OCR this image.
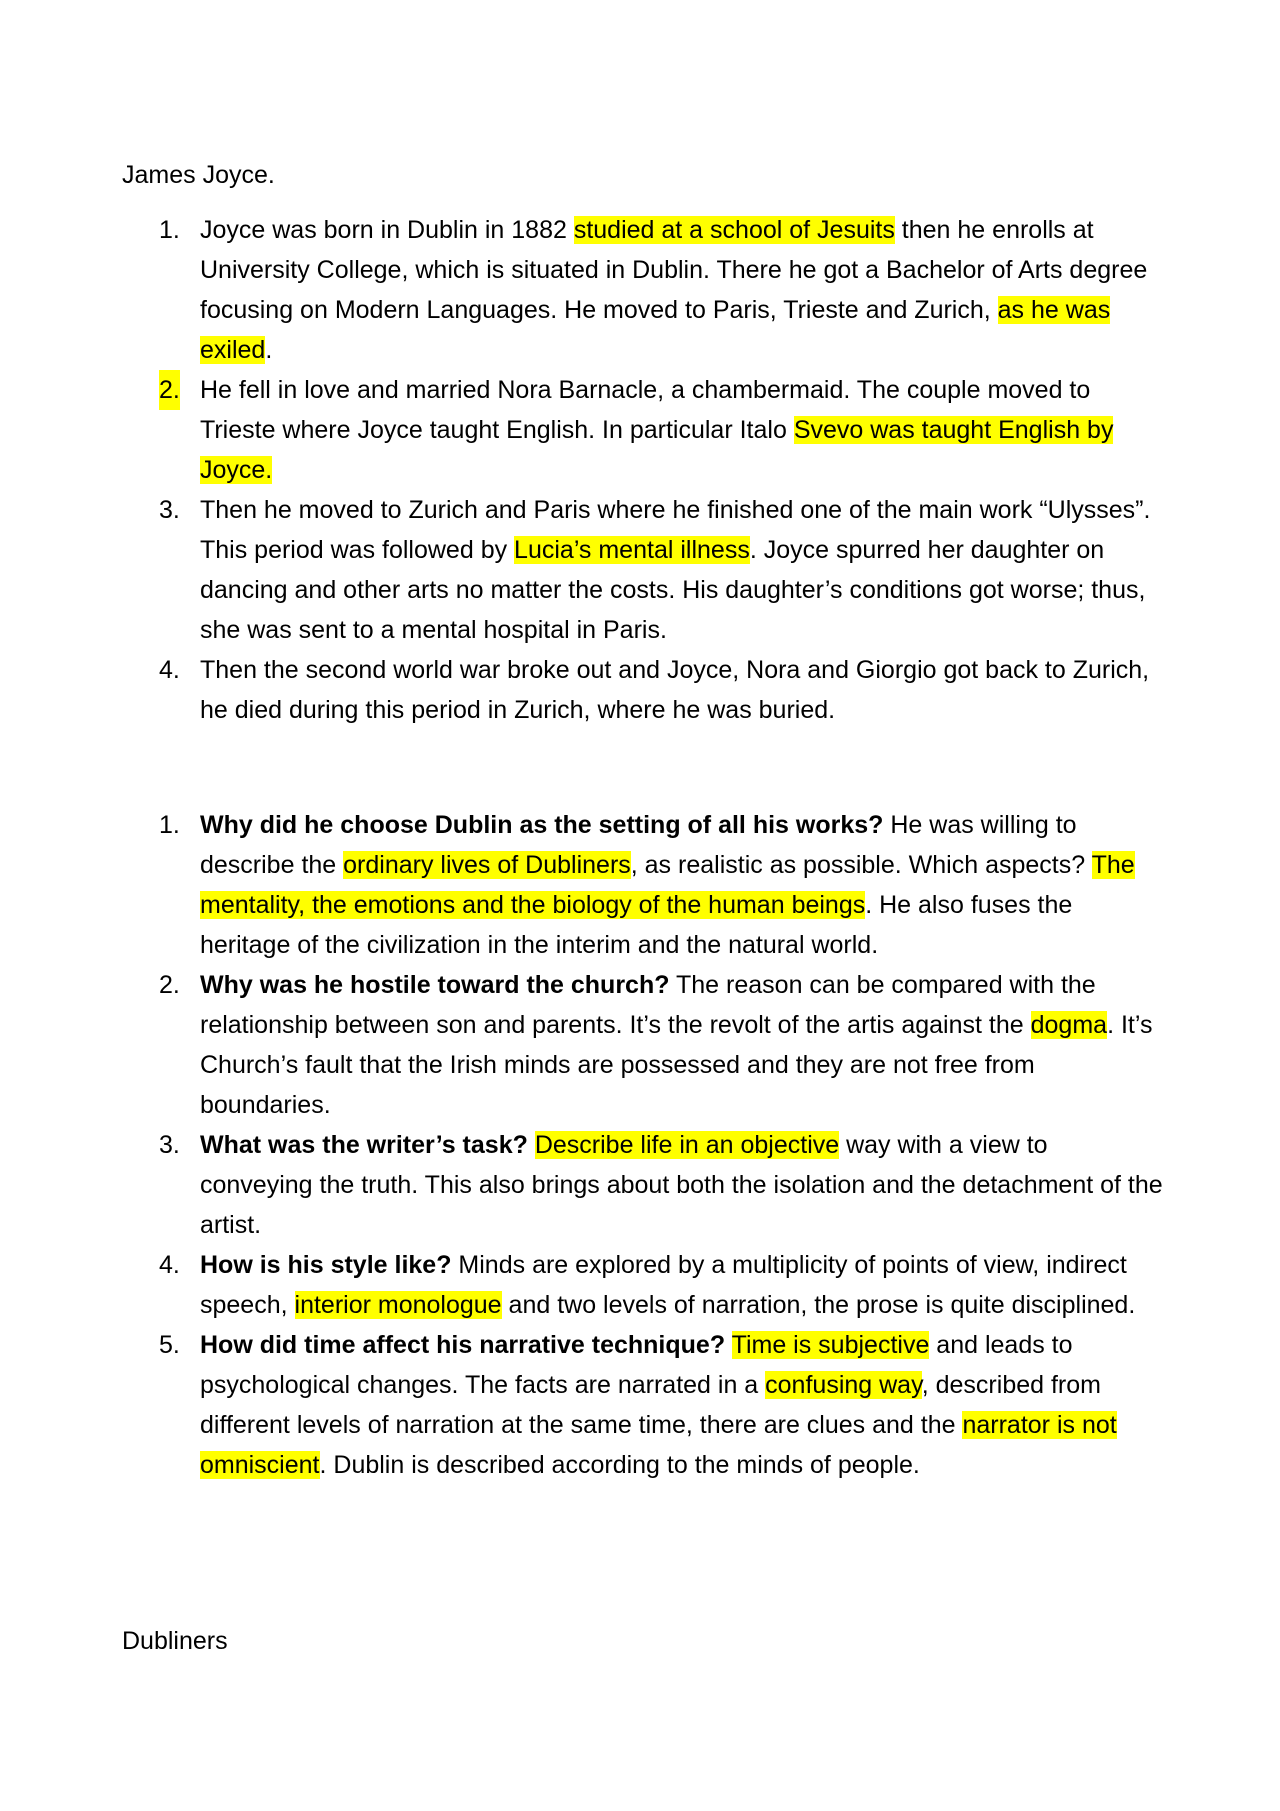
James Joyce.

1. Joyce was born in Dublin in 1882 studied at a school of Jesuits then he enrolls at University College, which is situated in Dublin. There he got a Bachelor of Arts degree focusing on Modern Languages. He moved to Paris, Trieste and Zurich, as he was exiled.
2. He fell in love and married Nora Barnacle, a chambermaid. The couple moved to Trieste where Joyce taught English. In particular Italo Svevo was taught English by Joyce.
3. Then he moved to Zurich and Paris where he finished one of the main work “Ulysses”. This period was followed by Lucia’s mental illness. Joyce spurred her daughter on dancing and other arts no matter the costs. His daughter’s conditions got worse; thus, she was sent to a mental hospital in Paris.
4. Then the second world war broke out and Joyce, Nora and Giorgio got back to Zurich, he died during this period in Zurich, where he was buried.
1. Why did he choose Dublin as the setting of all his works? He was willing to describe the ordinary lives of Dubliners, as realistic as possible. Which aspects? The mentality, the emotions and the biology of the human beings. He also fuses the heritage of the civilization in the interim and the natural world.
2. Why was he hostile toward the church? The reason can be compared with the relationship between son and parents. It’s the revolt of the artis against the dogma. It’s Church’s fault that the Irish minds are possessed and they are not free from boundaries.
3. What was the writer’s task? Describe life in an objective way with a view to conveying the truth. This also brings about both the isolation and the detachment of the artist.
4. How is his style like? Minds are explored by a multiplicity of points of view, indirect speech, interior monologue and two levels of narration, the prose is quite disciplined.
5. How did time affect his narrative technique? Time is subjective and leads to psychological changes. The facts are narrated in a confusing way, described from different levels of narration at the same time, there are clues and the narrator is not omniscient. Dublin is described according to the minds of people.

Dubliners
